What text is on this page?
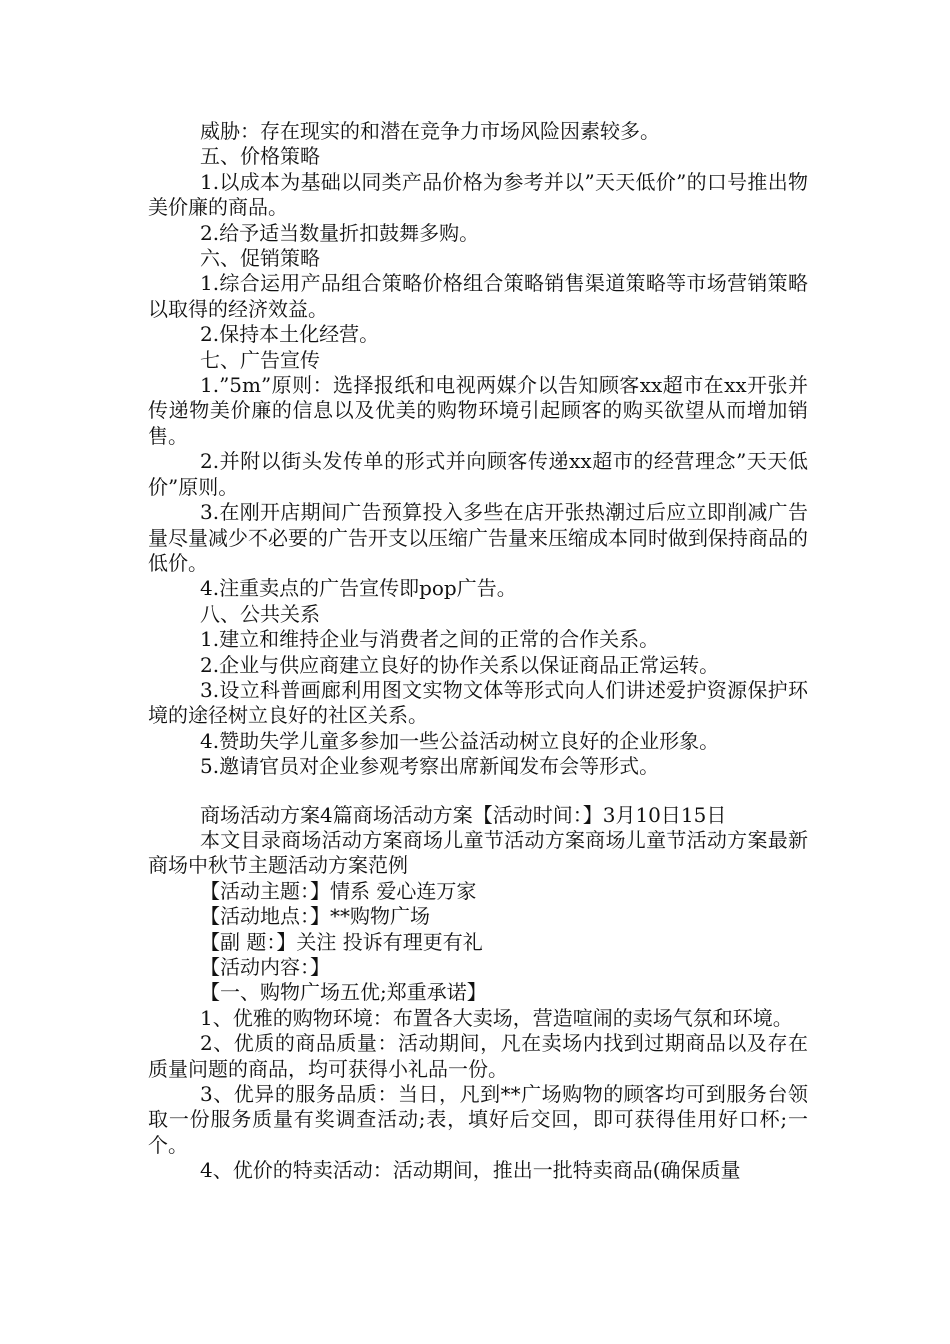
威胁：存在现实的和潜在竞争力市场风险因素较多。

五、价格策略

1.以成本为基础以同类产品价格为参考并以”天天低价”的口号推出物美价廉的商品。

2.给予适当数量折扣鼓舞多购。

六、促销策略

1.综合运用产品组合策略价格组合策略销售渠道策略等市场营销策略以取得的经济效益。

2.保持本土化经营。

七、广告宣传

1.”5m”原则：选择报纸和电视两媒介以告知顾客xx超市在xx开张并传递物美价廉的信息以及优美的购物环境引起顾客的购买欲望从而增加销售。

2.并附以街头发传单的形式并向顾客传递xx超市的经营理念”天天低价”原则。

3.在刚开店期间广告预算投入多些在店开张热潮过后应立即削减广告量尽量减少不必要的广告开支以压缩广告量来压缩成本同时做到保持商品的低价。

4.注重卖点的广告宣传即pop广告。

八、公共关系

1.建立和维持企业与消费者之间的正常的合作关系。

2.企业与供应商建立良好的协作关系以保证商品正常运转。

3.设立科普画廊利用图文实物文体等形式向人们讲述爱护资源保护环境的途径树立良好的社区关系。

4.赞助失学儿童多参加一些公益活动树立良好的企业形象。

5.邀请官员对企业参观考察出席新闻发布会等形式。

商场活动方案4篇商场活动方案【活动时间：】3月10日15日

本文目录商场活动方案商场儿童节活动方案商场儿童节活动方案最新商场中秋节主题活动方案范例

【活动主题：】情系 爱心连万家

【活动地点：】**购物广场

【副 题：】关注 投诉有理更有礼

【活动内容：】

【一、购物广场五优;郑重承诺】

1、优雅的购物环境：布置各大卖场，营造喧闹的卖场气氛和环境。

2、优质的商品质量：活动期间，凡在卖场内找到过期商品以及存在质量问题的商品，均可获得小礼品一份。

3、优异的服务品质：当日，凡到**广场购物的顾客均可到服务台领取一份服务质量有奖调查活动;表，填好后交回，即可获得佳用好口杯;一个。

4、优价的特卖活动：活动期间，推出一批特卖商品(确保质量
